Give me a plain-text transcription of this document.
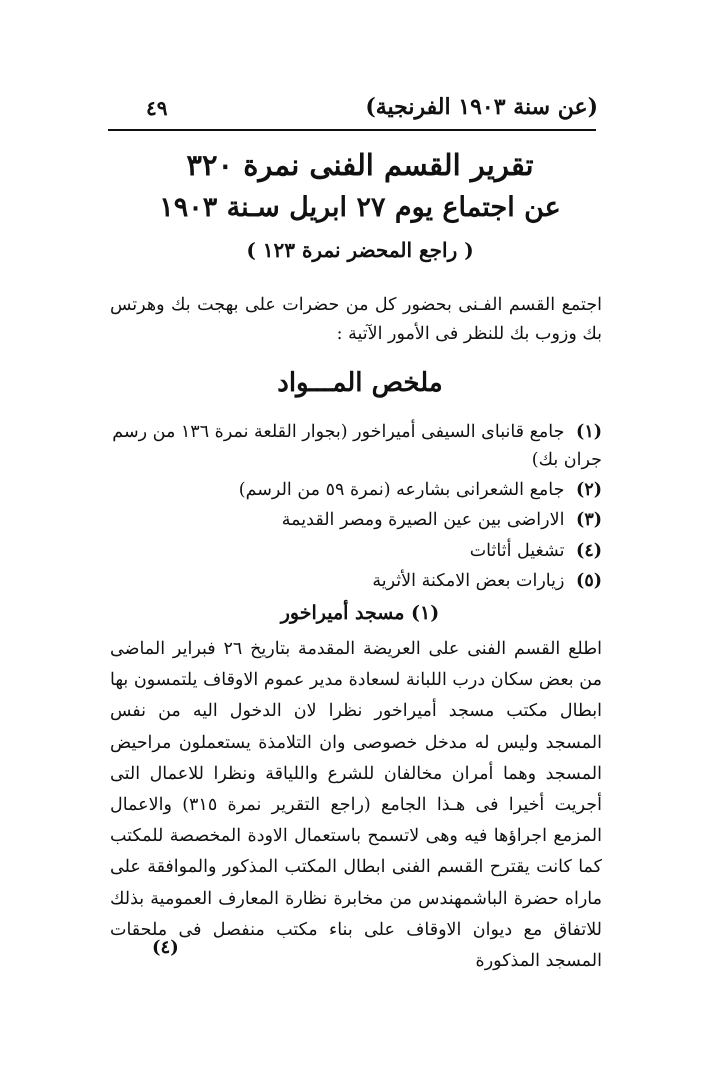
(عن سنة ١٩٠٣ الفرنجية)
٤٩
تقرير القسم الفنى نمرة ٣٢٠
عن اجتماع يوم ٢٧ ابريل سـنة ١٩٠٣
( راجع المحضر نمرة ١٢٣ )
اجتمع القسم الفـنى بحضور كل من حضرات على بهجت بك وهرتس بك وزوب بك للنظر فى الأمور الآتية :
ملخص المـــواد
(١) جامع قانباى السيفى أميراخور (بجوار القلعة نمرة ١٣٦ من رسم جران بك)
(٢) جامع الشعرانى بشارعه (نمرة ٥٩ من الرسم)
(٣) الاراضى بين عين الصيرة ومصر القديمة
(٤) تشغيل أثاثات
(٥) زيارات بعض الامكنة الأثرية
(١) مسجد أميراخور
اطلع القسم الفنى على العريضة المقدمة بتاريخ ٢٦ فبراير الماضى من بعض سكان درب اللبانة لسعادة مدير عموم الاوقاف يلتمسون بها ابطال مكتب مسجد أميراخور نظرا لان الدخول اليه من نفس المسجد وليس له مدخل خصوصى وان التلامذة يستعملون مراحيض المسجد وهما أمران مخالفان للشرع واللياقة ونظرا للاعمال التى أجريت أخيرا فى هـذا الجامع (راجع التقرير نمرة ٣١٥) والاعمال المزمع اجراؤها فيه وهى لاتسمح باستعمال الاودة المخصصة للمكتب كما كانت يقترح القسم الفنى ابطال المكتب المذكور والموافقة على ماراه حضرة الباشمهندس من مخابرة نظارة المعارف العمومية بذلك للاتفاق مع ديوان الاوقاف على بناء مكتب منفصل فى ملحقات المسجد المذكورة
(٤)
